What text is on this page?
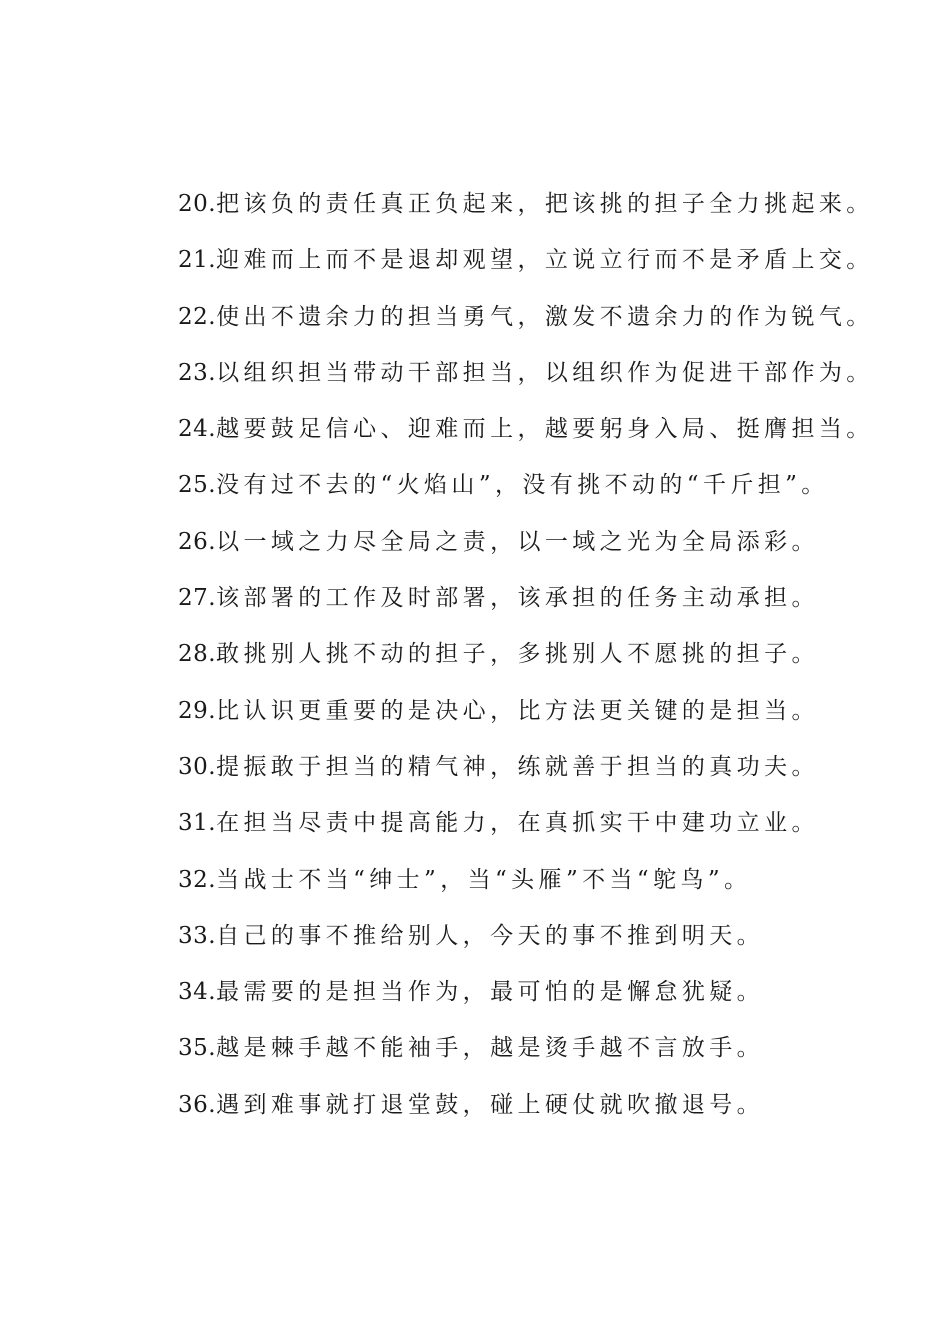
20.把该负的责任真正负起来，把该挑的担子全力挑起来。
21.迎难而上而不是退却观望，立说立行而不是矛盾上交。
22.使出不遗余力的担当勇气，激发不遗余力的作为锐气。
23.以组织担当带动干部担当，以组织作为促进干部作为。
24.越要鼓足信心、迎难而上，越要躬身入局、挺膺担当。
25.没有过不去的“火焰山”，没有挑不动的“千斤担”。
26.以一域之力尽全局之责，以一域之光为全局添彩。
27.该部署的工作及时部署，该承担的任务主动承担。
28.敢挑别人挑不动的担子，多挑别人不愿挑的担子。
29.比认识更重要的是决心，比方法更关键的是担当。
30.提振敢于担当的精气神，练就善于担当的真功夫。
31.在担当尽责中提高能力，在真抓实干中建功立业。
32.当战士不当“绅士”，当“头雁”不当“鸵鸟”。
33.自己的事不推给别人，今天的事不推到明天。
34.最需要的是担当作为，最可怕的是懈怠犹疑。
35.越是棘手越不能袖手，越是烫手越不言放手。
36.遇到难事就打退堂鼓，碰上硬仗就吹撤退号。
